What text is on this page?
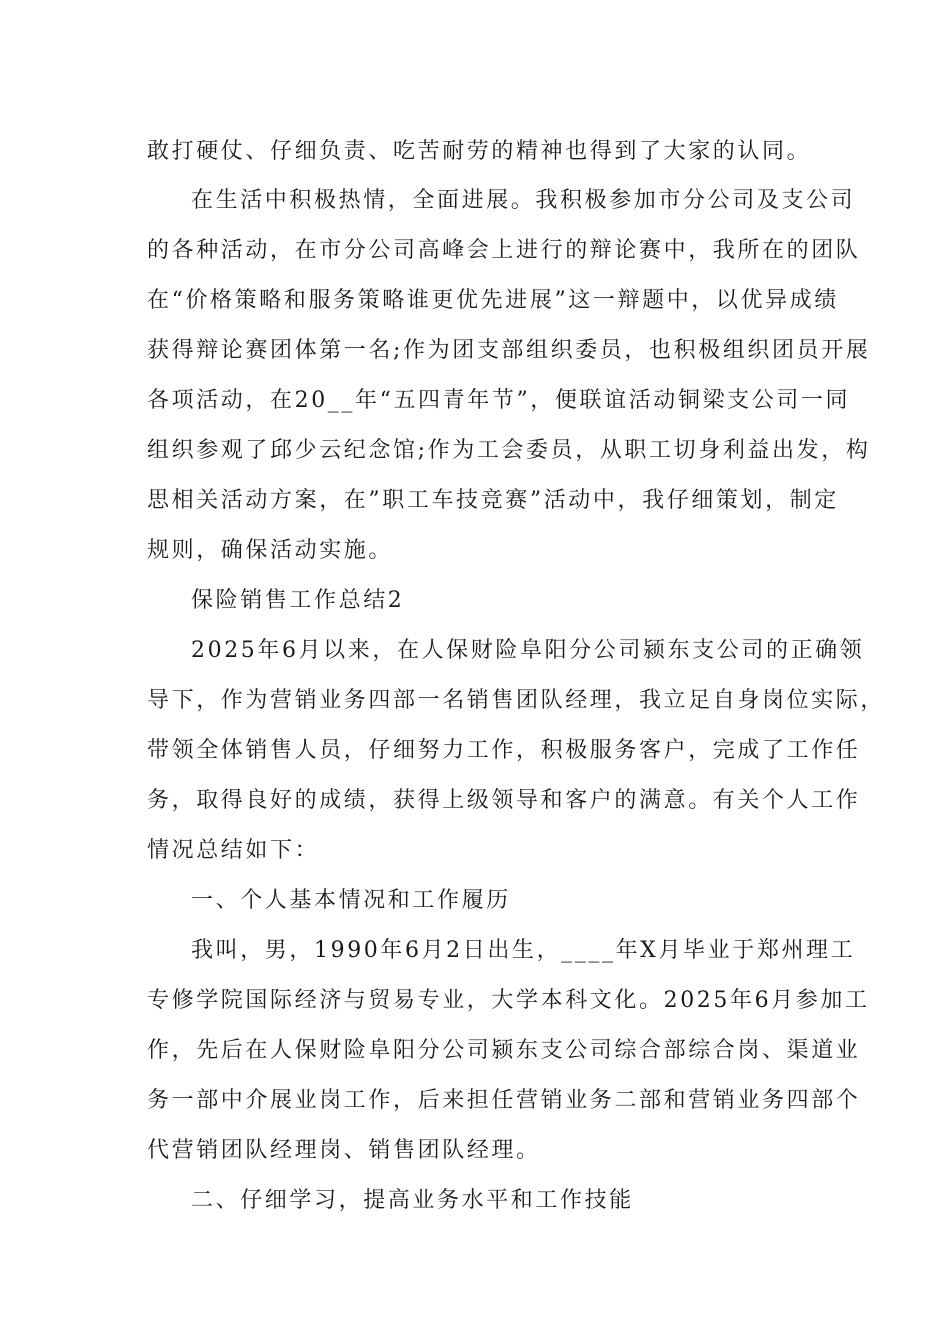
敢打硬仗、仔细负责、吃苦耐劳的精神也得到了大家的认同。
在生活中积极热情，全面进展。我积极参加市分公司及支公司
的各种活动，在市分公司高峰会上进行的辩论赛中，我所在的团队
在“价格策略和服务策略谁更优先进展”这一辩题中，以优异成绩
获得辩论赛团体第一名;作为团支部组织委员，也积极组织团员开展
各项活动，在20__年“五四青年节”，便联谊活动铜梁支公司一同
组织参观了邱少云纪念馆;作为工会委员，从职工切身利益出发，构
思相关活动方案，在”职工车技竞赛”活动中，我仔细策划，制定
规则，确保活动实施。
保险销售工作总结2
2025年6月以来，在人保财险阜阳分公司颍东支公司的正确领
导下，作为营销业务四部一名销售团队经理，我立足自身岗位实际，
带领全体销售人员，仔细努力工作，积极服务客户，完成了工作任
务，取得良好的成绩，获得上级领导和客户的满意。有关个人工作
情况总结如下：
一、个人基本情况和工作履历
我叫，男，1990年6月2日出生，____年X月毕业于郑州理工
专修学院国际经济与贸易专业，大学本科文化。2025年6月参加工
作，先后在人保财险阜阳分公司颍东支公司综合部综合岗、渠道业
务一部中介展业岗工作，后来担任营销业务二部和营销业务四部个
代营销团队经理岗、销售团队经理。
二、仔细学习，提高业务水平和工作技能
